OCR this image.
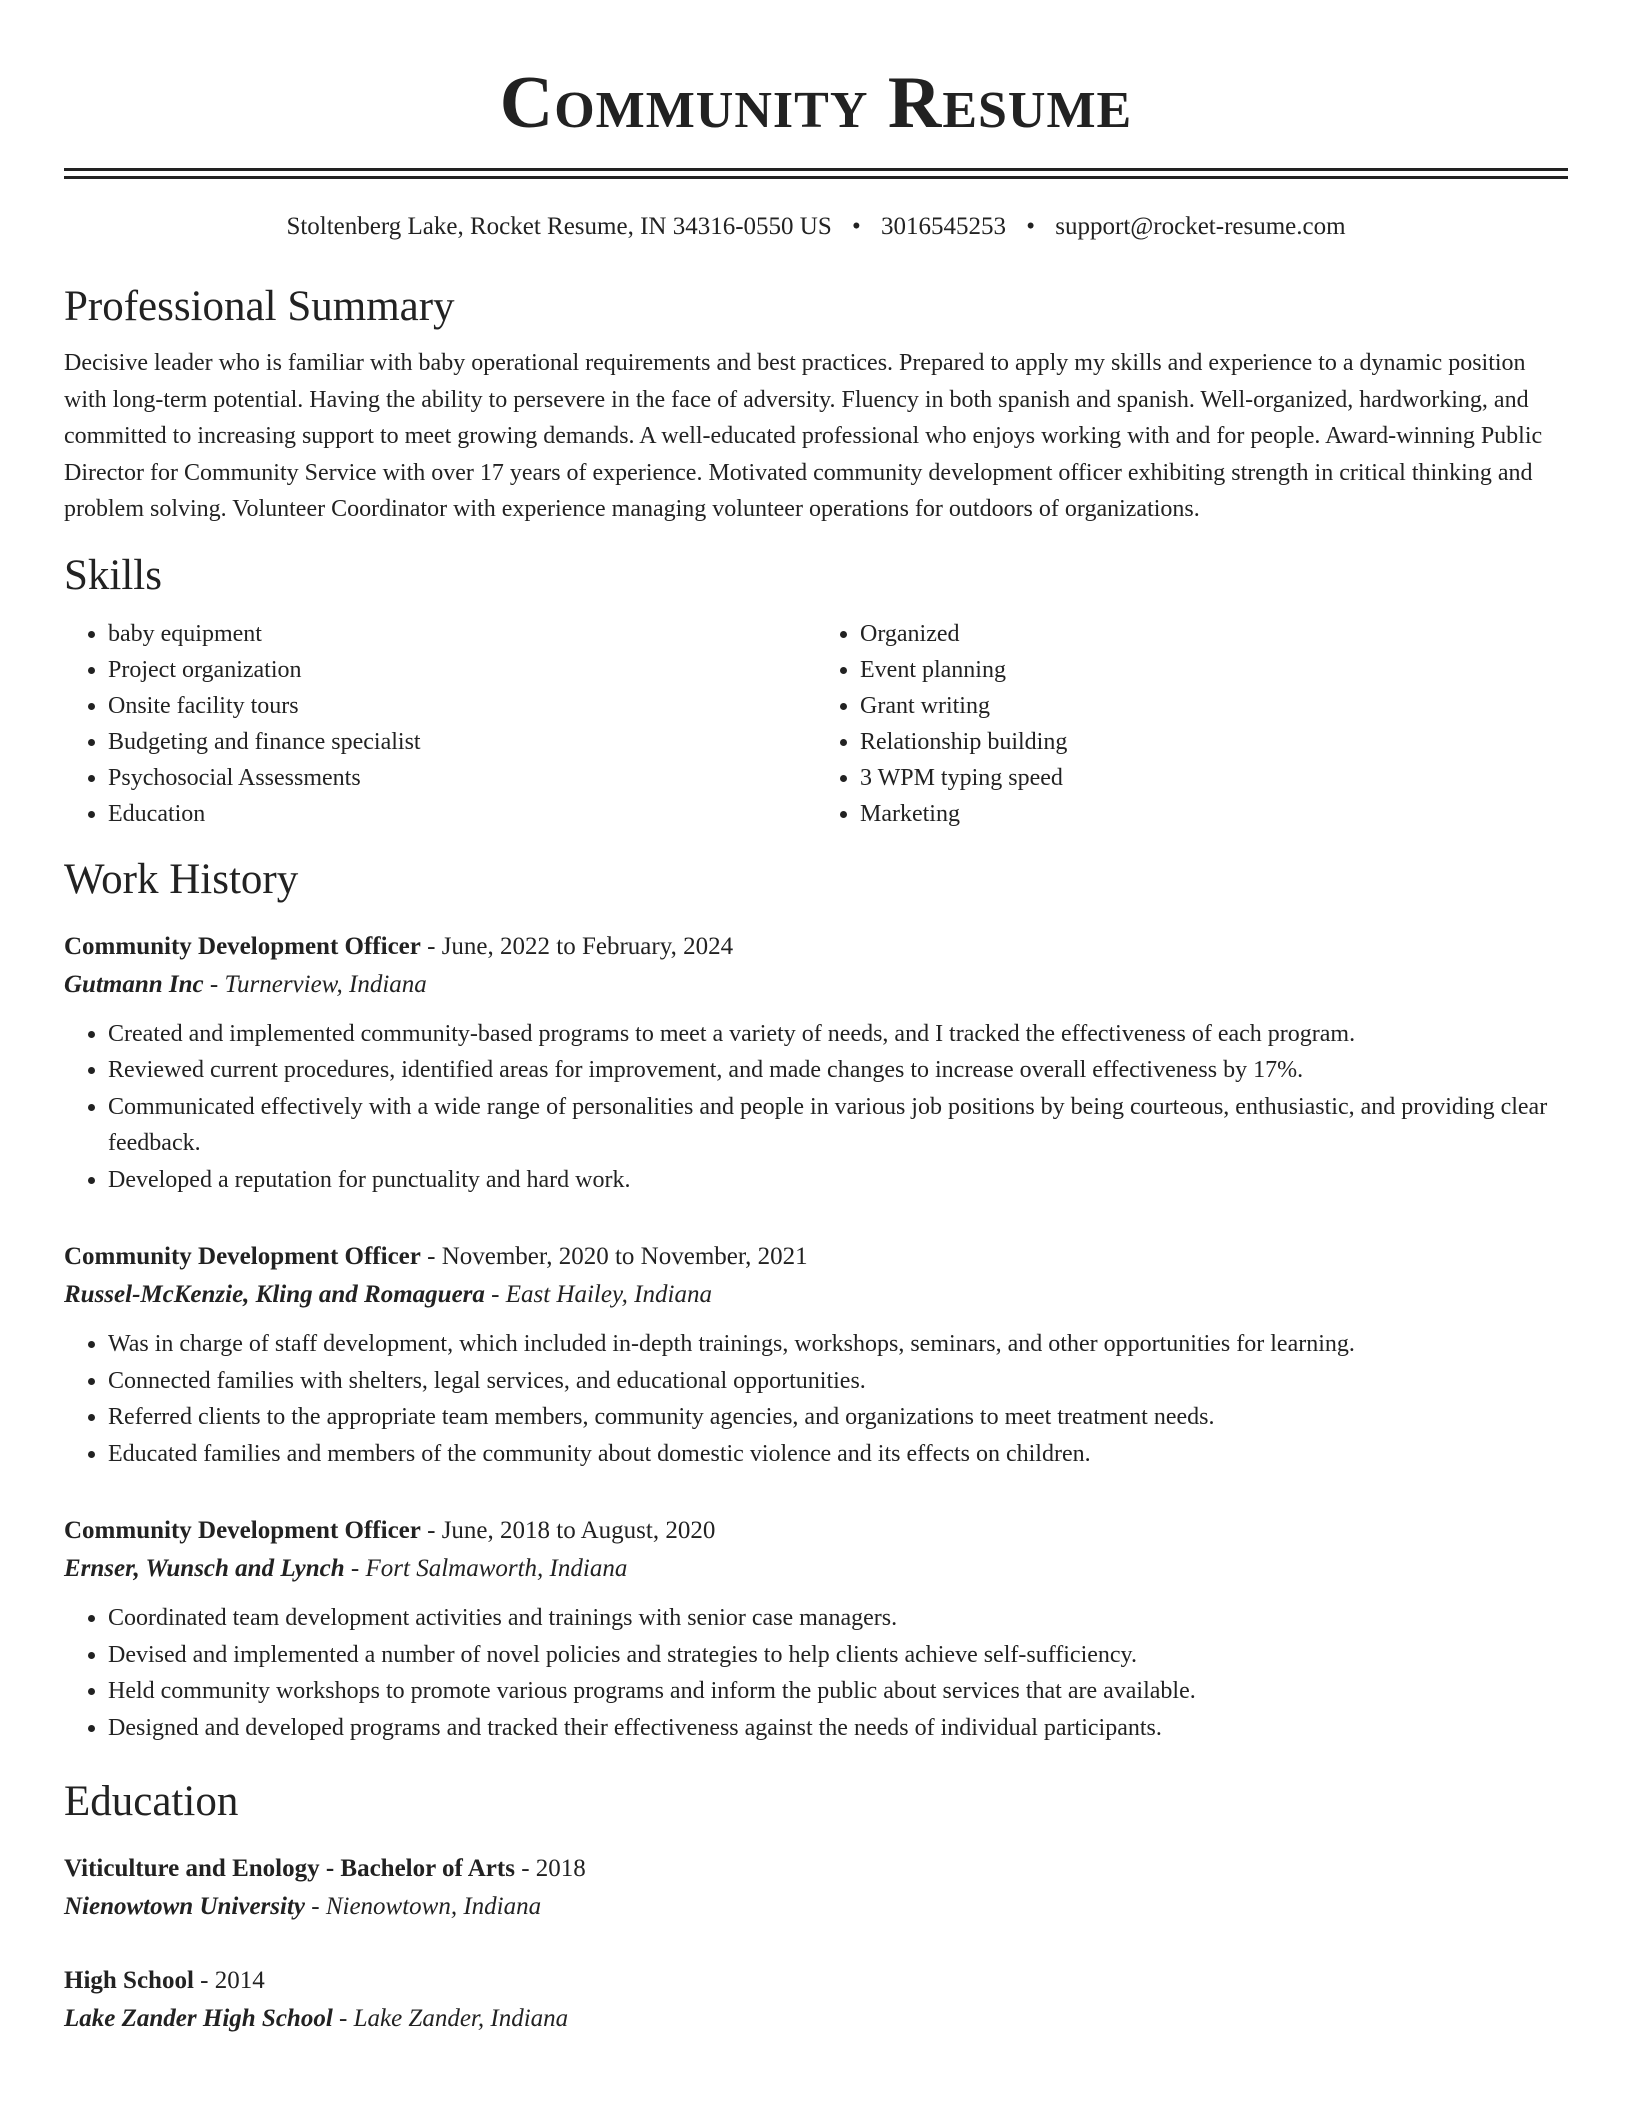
Community Resume
Stoltenberg Lake, Rocket Resume, IN 34316-0550 US • 3016545253 • support@rocket-resume.com
Professional Summary
Decisive leader who is familiar with baby operational requirements and best practices. Prepared to apply my skills and experience to a dynamic position with long-term potential. Having the ability to persevere in the face of adversity. Fluency in both spanish and spanish. Well-organized, hardworking, and committed to increasing support to meet growing demands. A well-educated professional who enjoys working with and for people. Award-winning Public Director for Community Service with over 17 years of experience. Motivated community development officer exhibiting strength in critical thinking and problem solving. Volunteer Coordinator with experience managing volunteer operations for outdoors of organizations.
Skills
• baby equipment
• Project organization
• Onsite facility tours
• Budgeting and finance specialist
• Psychosocial Assessments
• Education
• Organized
• Event planning
• Grant writing
• Relationship building
• 3 WPM typing speed
• Marketing
Work History
Community Development Officer - June, 2022 to February, 2024
Gutmann Inc - Turnerview, Indiana
• Created and implemented community-based programs to meet a variety of needs, and I tracked the effectiveness of each program.
• Reviewed current procedures, identified areas for improvement, and made changes to increase overall effectiveness by 17%.
• Communicated effectively with a wide range of personalities and people in various job positions by being courteous, enthusiastic, and providing clear feedback.
• Developed a reputation for punctuality and hard work.
Community Development Officer - November, 2020 to November, 2021
Russel-McKenzie, Kling and Romaguera - East Hailey, Indiana
• Was in charge of staff development, which included in-depth trainings, workshops, seminars, and other opportunities for learning.
• Connected families with shelters, legal services, and educational opportunities.
• Referred clients to the appropriate team members, community agencies, and organizations to meet treatment needs.
• Educated families and members of the community about domestic violence and its effects on children.
Community Development Officer - June, 2018 to August, 2020
Ernser, Wunsch and Lynch - Fort Salmaworth, Indiana
• Coordinated team development activities and trainings with senior case managers.
• Devised and implemented a number of novel policies and strategies to help clients achieve self-sufficiency.
• Held community workshops to promote various programs and inform the public about services that are available.
• Designed and developed programs and tracked their effectiveness against the needs of individual participants.
Education
Viticulture and Enology - Bachelor of Arts - 2018
Nienowtown University - Nienowtown, Indiana
High School - 2014
Lake Zander High School - Lake Zander, Indiana
